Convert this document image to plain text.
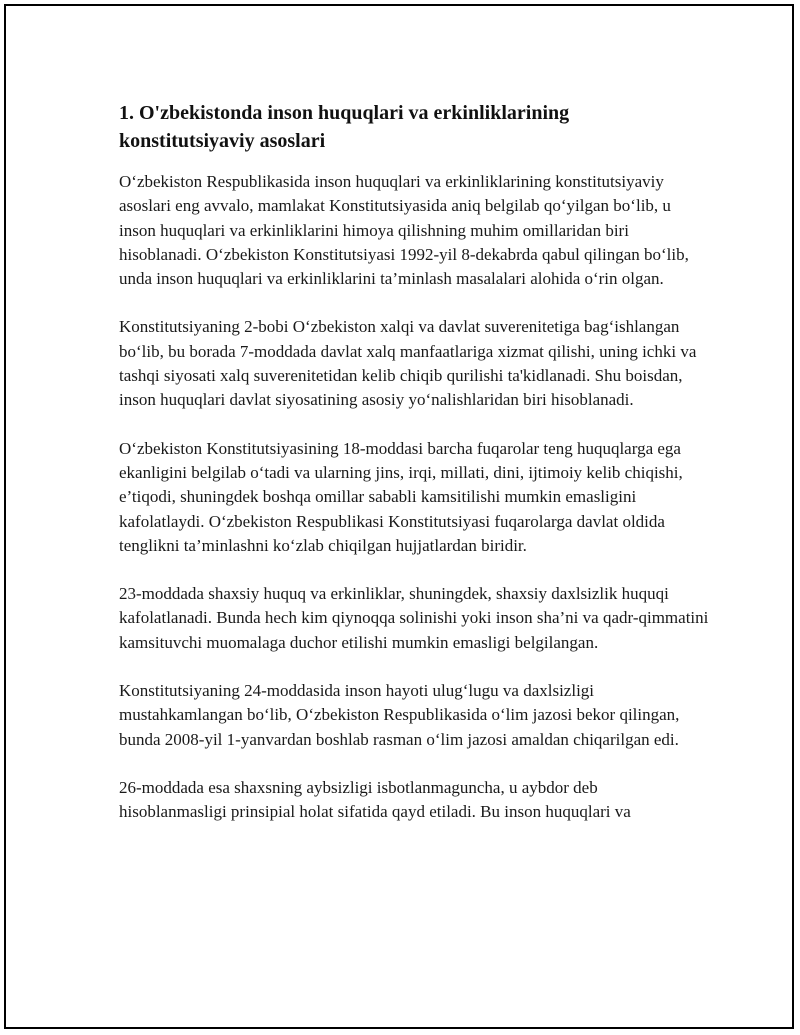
1. O'zbekistonda inson huquqlari va erkinliklarining konstitutsiyaviy asoslari

O‘zbekiston Respublikasida inson huquqlari va erkinliklarining konstitutsiyaviy asoslari eng avvalo, mamlakat Konstitutsiyasida aniq belgilab qo‘yilgan bo‘lib, u inson huquqlari va erkinliklarini himoya qilishning muhim omillaridan biri hisoblanadi. O‘zbekiston Konstitutsiyasi 1992-yil 8-dekabrda qabul qilingan bo‘lib, unda inson huquqlari va erkinliklarini ta’minlash masalalari alohida o‘rin olgan.

Konstitutsiyaning 2-bobi O‘zbekiston xalqi va davlat suverenitetiga bag‘ishlangan bo‘lib, bu borada 7-moddada davlat xalq manfaatlariga xizmat qilishi, uning ichki va tashqi siyosati xalq suverenitetidan kelib chiqib qurilishi ta'kidlanadi. Shu boisdan, inson huquqlari davlat siyosatining asosiy yo‘nalishlaridan biri hisoblanadi.

O‘zbekiston Konstitutsiyasining 18-moddasi barcha fuqarolar teng huquqlarga ega ekanligini belgilab o‘tadi va ularning jins, irqi, millati, dini, ijtimoiy kelib chiqishi, e’tiqodi, shuningdek boshqa omillar sababli kamsitilishi mumkin emasligini kafolatlaydi. O‘zbekiston Respublikasi Konstitutsiyasi fuqarolarga davlat oldida tenglikni ta’minlashni ko‘zlab chiqilgan hujjatlardan biridir.

23-moddada shaxsiy huquq va erkinliklar, shuningdek, shaxsiy daxlsizlik huquqi kafolatlanadi. Bunda hech kim qiynoqqa solinishi yoki inson sha’ni va qadr-qimmatini kamsituvchi muomalaga duchor etilishi mumkin emasligi belgilangan.

Konstitutsiyaning 24-moddasida inson hayoti ulug‘lugu va daxlsizligi mustahkamlangan bo‘lib, O‘zbekiston Respublikasida o‘lim jazosi bekor qilingan, bunda 2008-yil 1-yanvardan boshlab rasman o‘lim jazosi amaldan chiqarilgan edi.

26-moddada esa shaxsning aybsizligi isbotlanmaguncha, u aybdor deb hisoblanmasligi prinsipial holat sifatida qayd etiladi. Bu inson huquqlari va
